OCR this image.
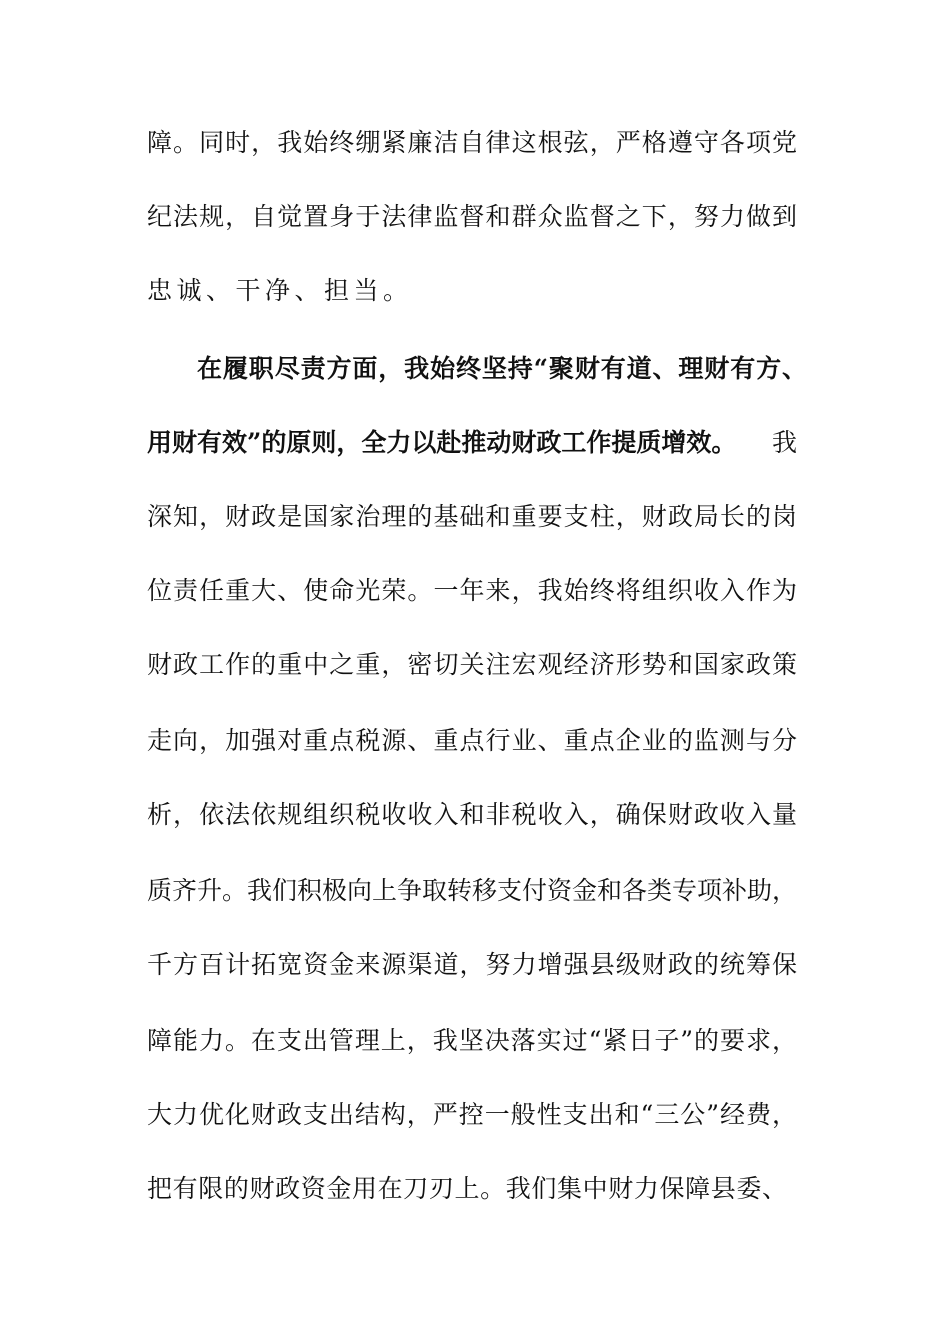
障。同时，我始终绷紧廉洁自律这根弦，严格遵守各项党
纪法规，自觉置身于法律监督和群众监督之下，努力做到
忠诚、干净、担当。
在履职尽责方面，我始终坚持“聚财有道、理财有方、
用财有效”的原则，全力以赴推动财政工作提质增效。 我
深知，财政是国家治理的基础和重要支柱，财政局长的岗
位责任重大、使命光荣。一年来，我始终将组织收入作为
财政工作的重中之重，密切关注宏观经济形势和国家政策
走向，加强对重点税源、重点行业、重点企业的监测与分
析，依法依规组织税收收入和非税收入，确保财政收入量
质齐升。我们积极向上争取转移支付资金和各类专项补助，
千方百计拓宽资金来源渠道，努力增强县级财政的统筹保
障能力。在支出管理上，我坚决落实过“紧日子”的要求，
大力优化财政支出结构，严控一般性支出和“三公”经费，
把有限的财政资金用在刀刃上。我们集中财力保障县委、
